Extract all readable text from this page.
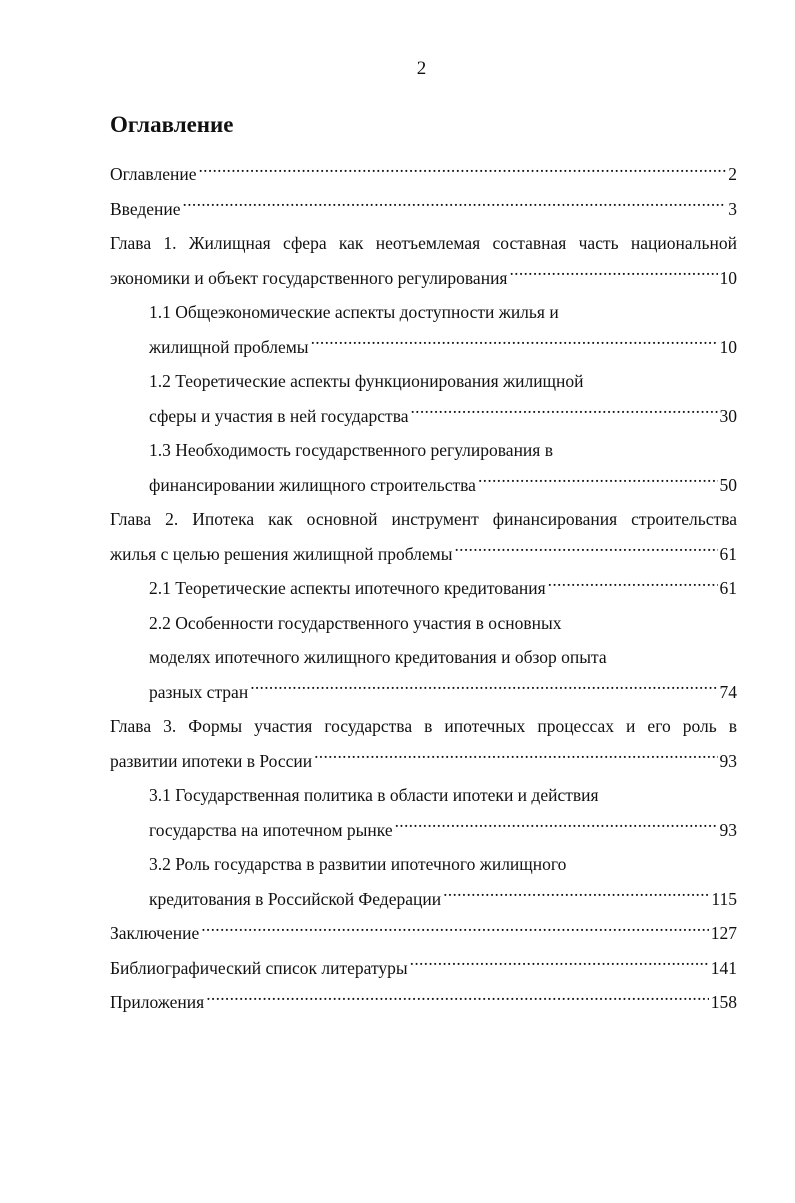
2
Оглавление
Оглавление .....	2
Введение .....	3
Глава 1. Жилищная сфера как неотъемлемая составная часть национальной
экономики и объект государственного регулирования .....	10
1.1 Общеэкономические аспекты доступности жилья и
жилищной проблемы .....	10
1.2 Теоретические аспекты функционирования жилищной
сферы и участия в ней государства .....	30
1.3 Необходимость государственного регулирования в
финансировании жилищного строительства .....	50
Глава 2. Ипотека как основной инструмент финансирования строительства
жилья с целью решения жилищной проблемы .....	61
2.1 Теоретические аспекты ипотечного кредитования .....	61
2.2 Особенности государственного участия в основных
моделях ипотечного жилищного кредитования и обзор опыта
разных стран .....	74
Глава 3. Формы участия государства в ипотечных процессах и его роль в
развитии ипотеки в России .....	93
3.1 Государственная политика в области ипотеки и действия
государства на ипотечном рынке .....	93
3.2 Роль государства в развитии ипотечного жилищного
кредитования в Российской Федерации .....	115
Заключение .....	127
Библиографический список литературы .....	141
Приложения .....	158
